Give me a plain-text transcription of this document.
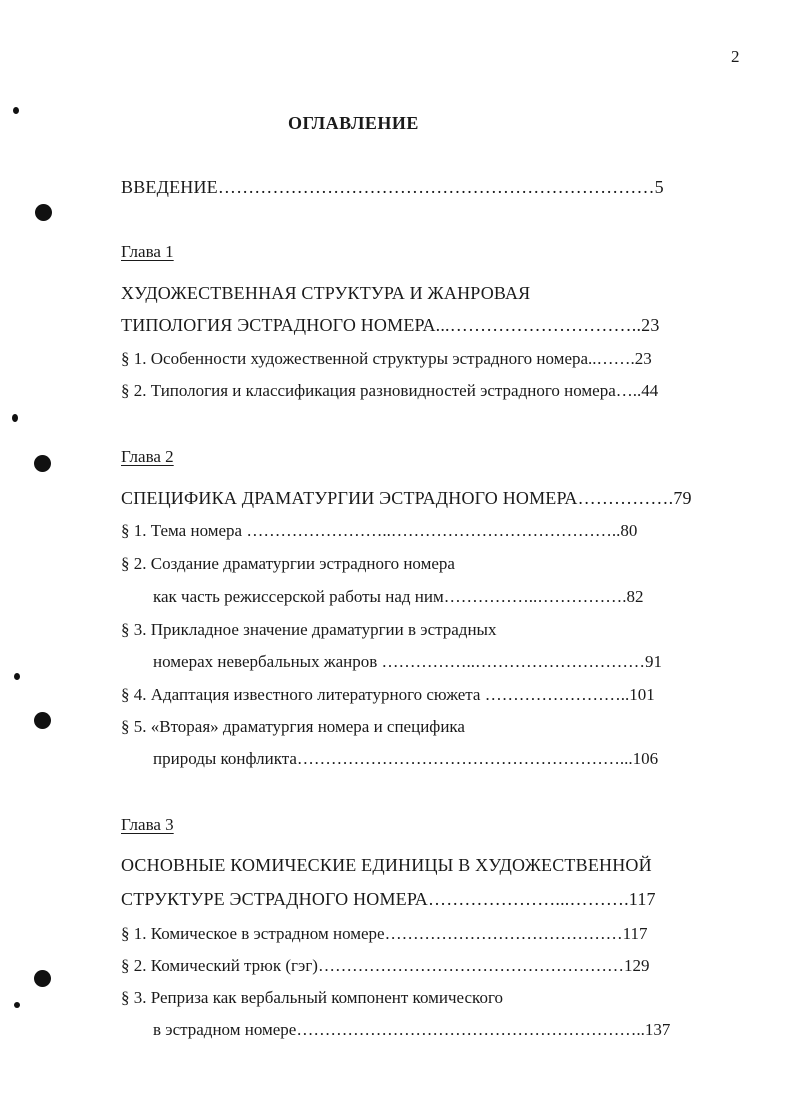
2
ОГЛАВЛЕНИЕ
ВВЕДЕНИЕ………………………………………………………………5
Глава 1
ХУДОЖЕСТВЕННАЯ СТРУКТУРА И ЖАНРОВАЯ
ТИПОЛОГИЯ ЭСТРАДНОГО НОМЕРА...…………………………..23
§ 1. Особенности художественной структуры эстрадного номера..…….23
§ 2. Типология и классификация разновидностей эстрадного номера…..44
Глава 2
СПЕЦИФИКА ДРАМАТУРГИИ ЭСТРАДНОГО НОМЕРА…………….79
§ 1. Тема номера ……………………..…………………………………..80
§ 2. Создание драматургии эстрадного номера
как часть режиссерской работы над ним……………..…………….82
§ 3. Прикладное значение драматургии в эстрадных
номерах невербальных жанров ……………..…………………………91
§ 4. Адаптация известного литературного сюжета ……………………..101
§ 5. «Вторая» драматургия номера и специфика
природы конфликта…………………………………………………...106
Глава 3
ОСНОВНЫЕ КОМИЧЕСКИЕ ЕДИНИЦЫ В ХУДОЖЕСТВЕННОЙ
СТРУКТУРЕ ЭСТРАДНОГО НОМЕРА…………………...……….117
§ 1. Комическое в эстрадном номере……………………………………117
§ 2. Комический трюк (гэг)………………………………………………129
§ 3. Реприза как вербальный компонент комического
в эстрадном номере……………………………………………………..137
